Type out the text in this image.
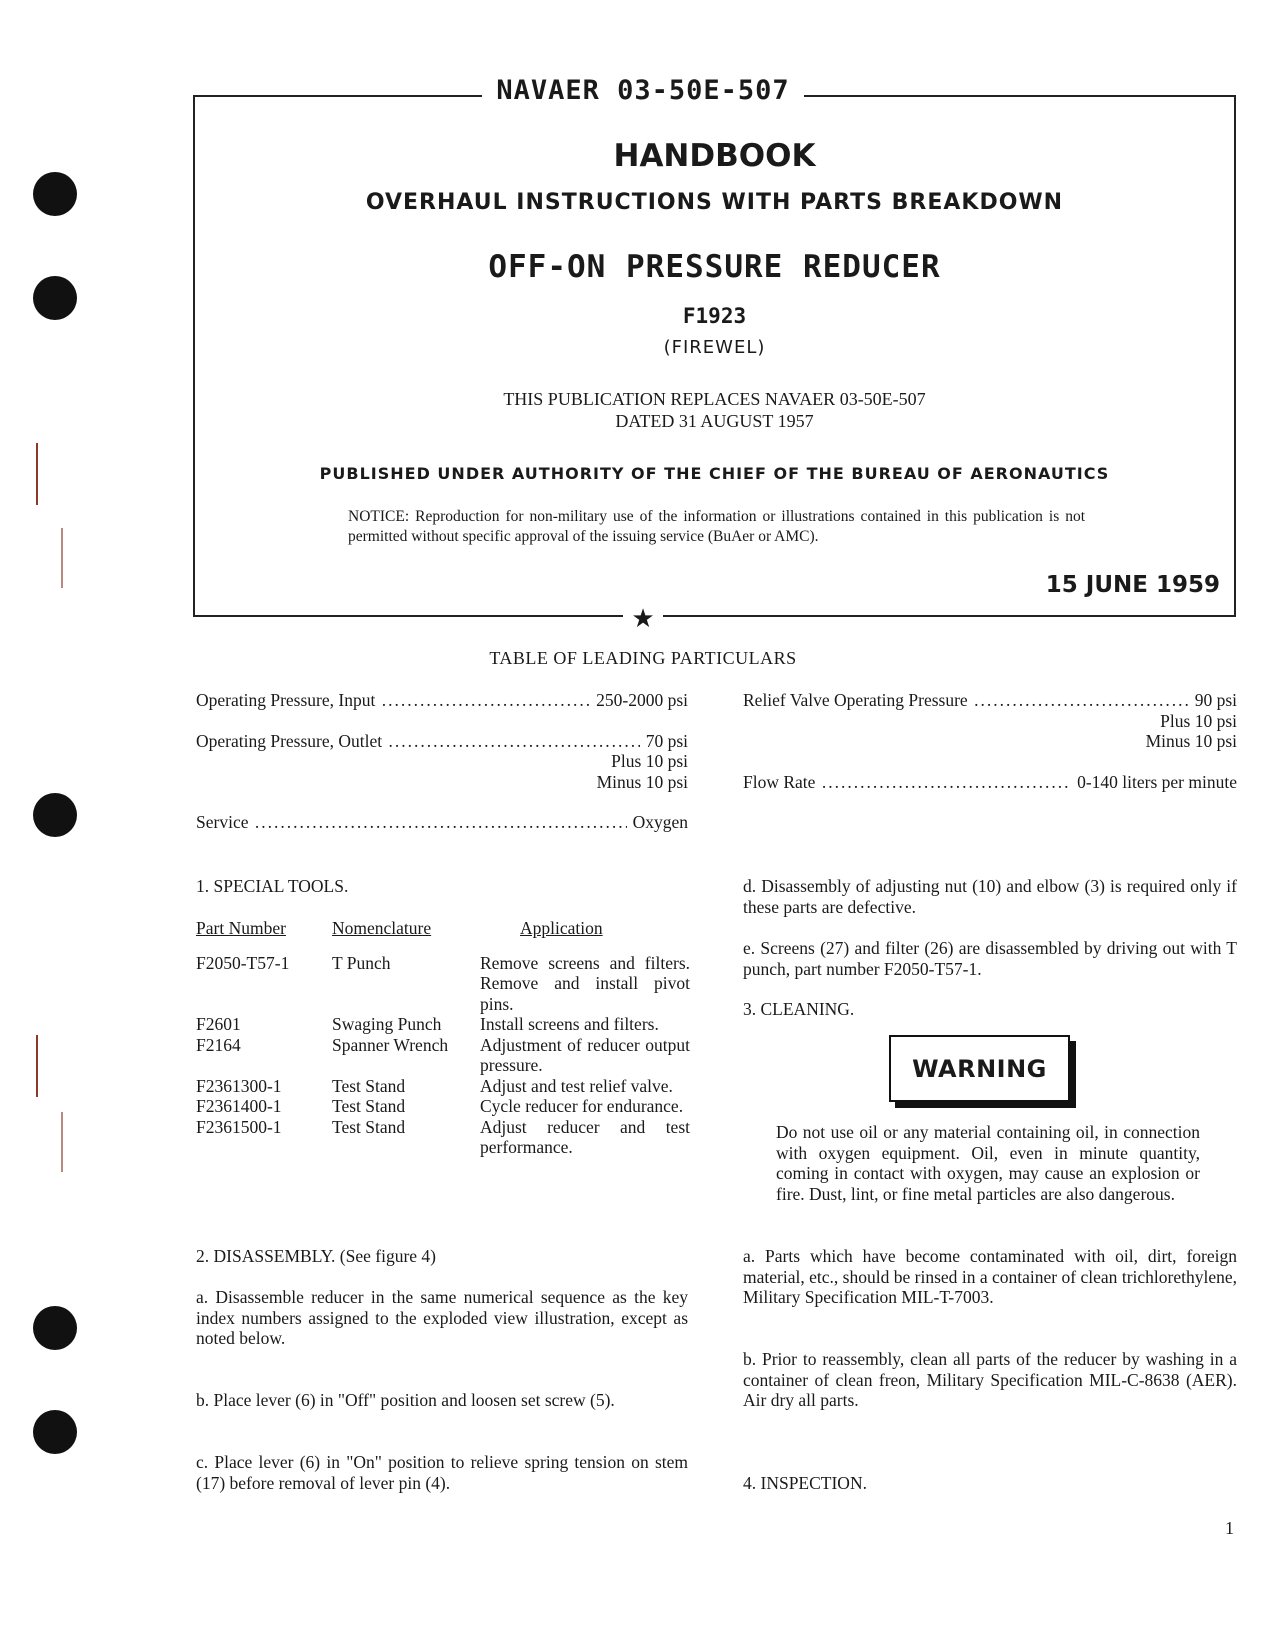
NAVAER 03-50E-507
HANDBOOK
OVERHAUL INSTRUCTIONS WITH PARTS BREAKDOWN
OFF-ON PRESSURE REDUCER
F1923
(FIREWEL)
THIS PUBLICATION REPLACES NAVAER 03-50E-507
DATED 31 AUGUST 1957
PUBLISHED UNDER AUTHORITY OF THE CHIEF OF THE BUREAU OF AERONAUTICS
NOTICE: Reproduction for non-military use of the information or illustrations contained in this publication is not permitted without specific approval of the issuing service (BuAer or AMC).
15 JUNE 1959
★
TABLE OF LEADING PARTICULARS
Operating Pressure, Input .....	250-2000 psi
Operating Pressure, Outlet .....	70 psi
Plus 10 psi
Minus 10 psi
Service .....	Oxygen
Relief Valve Operating Pressure .....	90 psi
Plus 10 psi
Minus 10 psi
Flow Rate .....	0-140 liters per minute
1. SPECIAL TOOLS.
Part Number	Nomenclature	Application
F2050-T57-1	T Punch	Remove screens and filters. Remove and install pivot pins.
F2601	Swaging Punch	Install screens and filters.
F2164	Spanner Wrench	Adjustment of reducer output pressure.
F2361300-1	Test Stand	Adjust and test relief valve.
F2361400-1	Test Stand	Cycle reducer for endurance.
F2361500-1	Test Stand	Adjust reducer and test performance.
2. DISASSEMBLY. (See figure 4)
a. Disassemble reducer in the same numerical sequence as the key index numbers assigned to the exploded view illustration, except as noted below.
b. Place lever (6) in "Off" position and loosen set screw (5).
c. Place lever (6) in "On" position to relieve spring tension on stem (17) before removal of lever pin (4).
d. Disassembly of adjusting nut (10) and elbow (3) is required only if these parts are defective.
e. Screens (27) and filter (26) are disassembled by driving out with T punch, part number F2050-T57-1.
3. CLEANING.
WARNING
Do not use oil or any material containing oil, in connection with oxygen equipment. Oil, even in minute quantity, coming in contact with oxygen, may cause an explosion or fire. Dust, lint, or fine metal particles are also dangerous.
a. Parts which have become contaminated with oil, dirt, foreign material, etc., should be rinsed in a container of clean trichlorethylene, Military Specification MIL-T-7003.
b. Prior to reassembly, clean all parts of the reducer by washing in a container of clean freon, Military Specification MIL-C-8638 (AER). Air dry all parts.
4. INSPECTION.
1
